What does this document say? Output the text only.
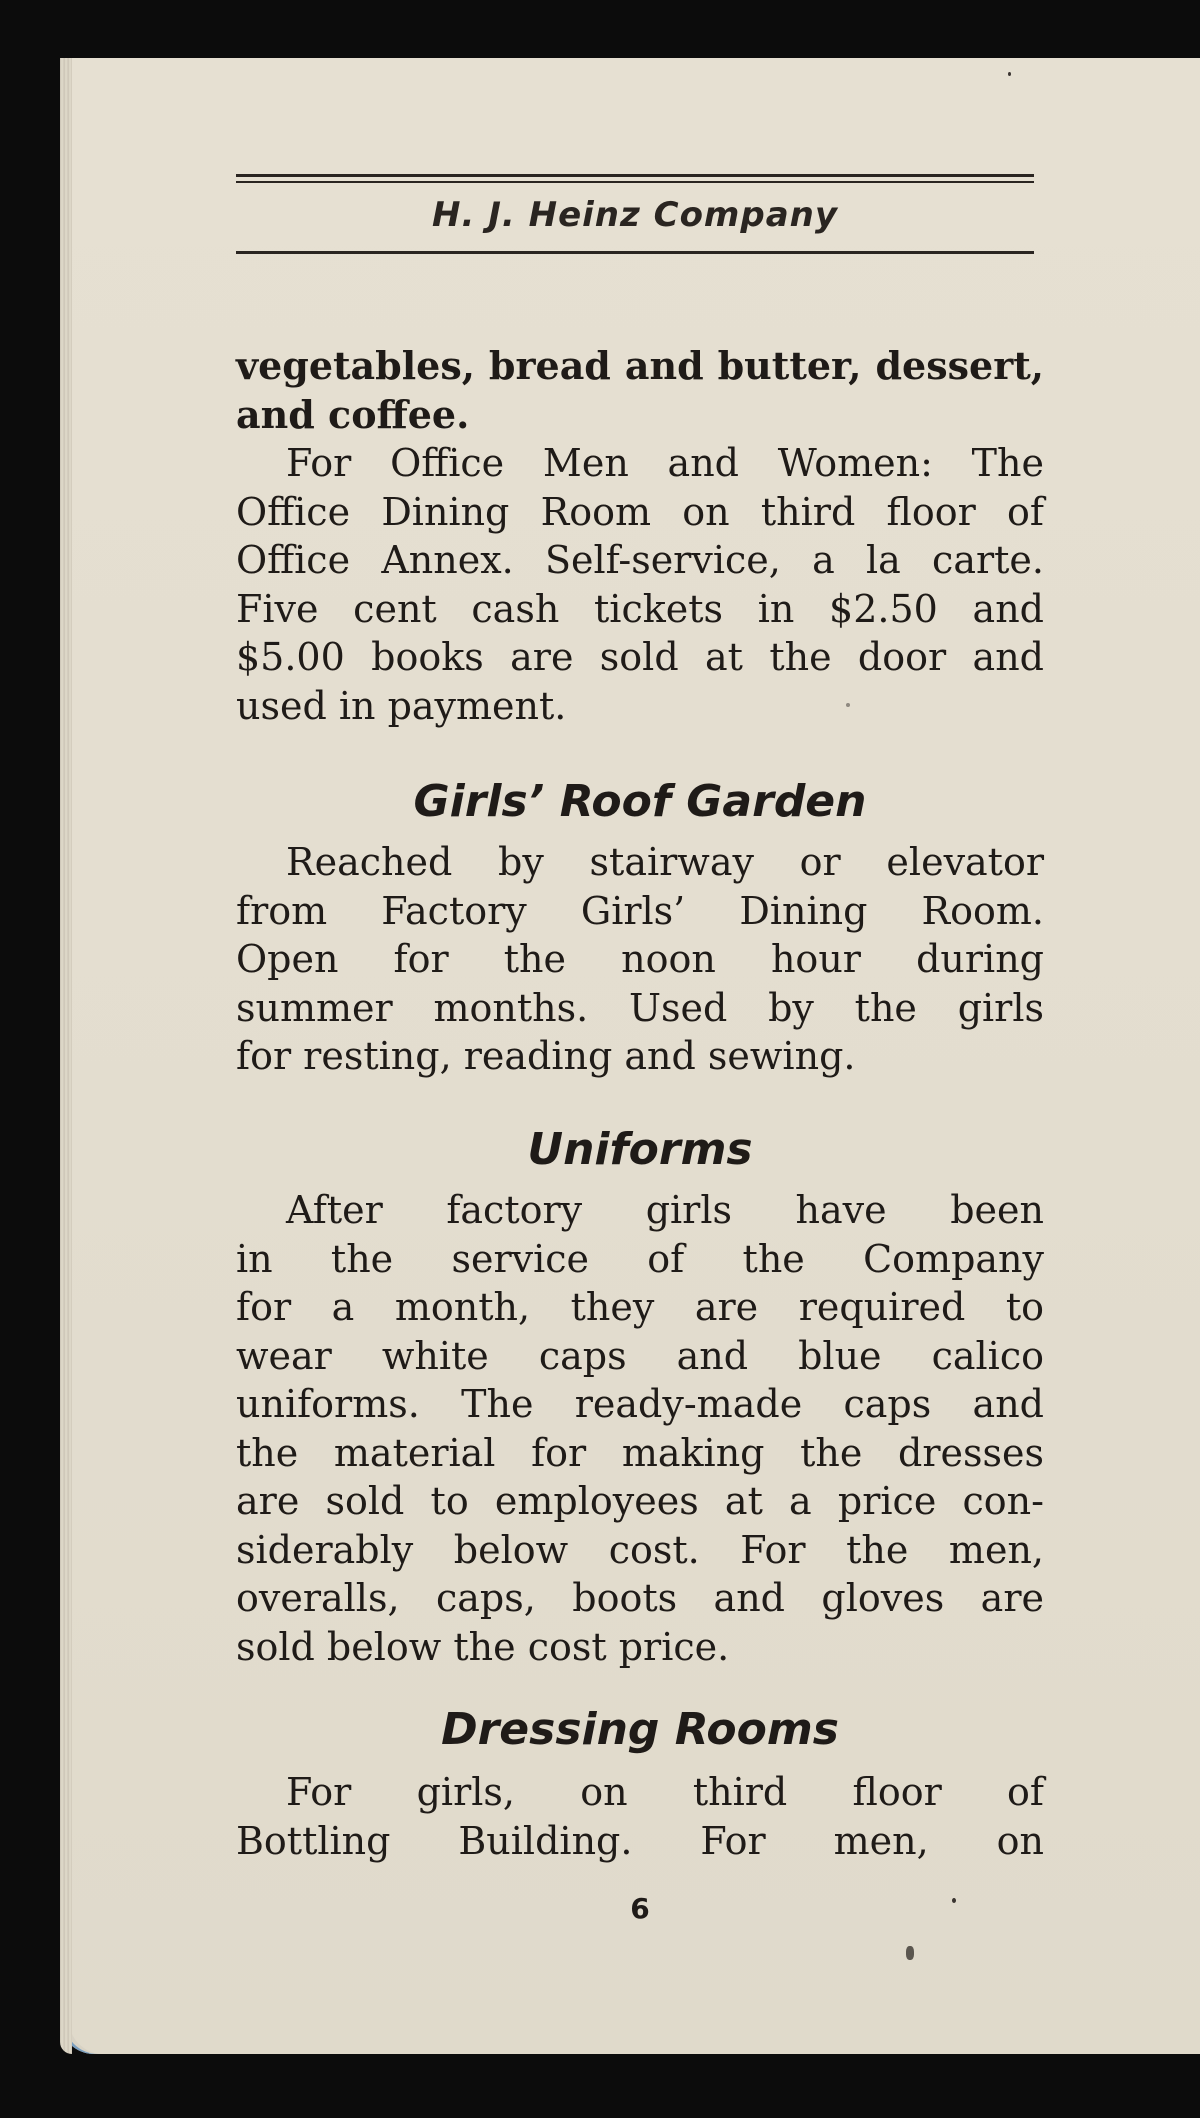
H. J. Heinz Company
vegetables, bread and butter, dessert,
and coffee.
For Office Men and Women: The
Office Dining Room on third floor of
Office Annex. Self-service, a la carte.
Five cent cash tickets in $2.50 and
$5.00 books are sold at the door and
used in payment.
Girls’ Roof Garden
Reached by stairway or elevator
from Factory Girls’ Dining Room.
Open for the noon hour during
summer months. Used by the girls
for resting, reading and sewing.
Uniforms
After factory girls have been
in the service of the Company
for a month, they are required to
wear white caps and blue calico
uniforms. The ready-made caps and
the material for making the dresses
are sold to employees at a price con-
siderably below cost. For the men,
overalls, caps, boots and gloves are
sold below the cost price.
Dressing Rooms
For girls, on third floor of
Bottling Building. For men, on
6
